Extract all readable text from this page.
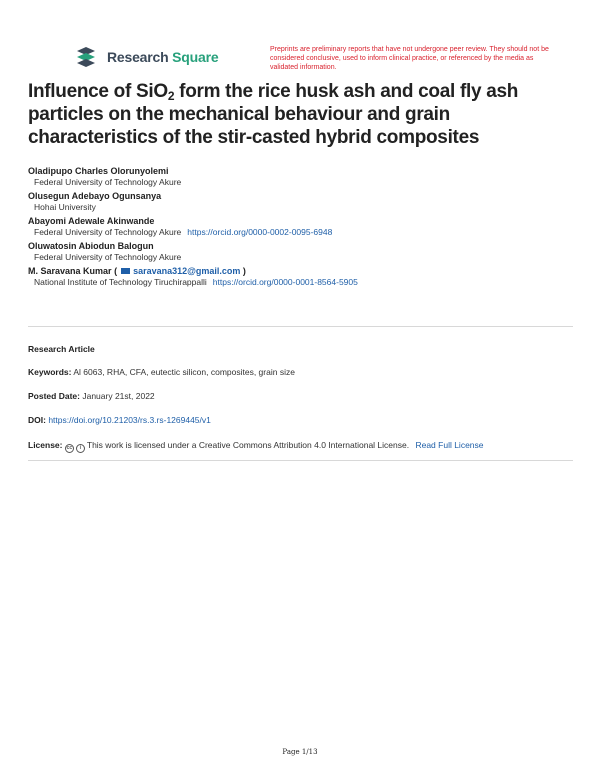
Research Square	Preprints are preliminary reports that have not undergone peer review. They should not be considered conclusive, used to inform clinical practice, or referenced by the media as validated information.
Influence of SiO$_2$ form the rice husk ash and coal fly ash particles on the mechanical behaviour and grain characteristics of the stir-casted hybrid composites
Oladipupo Charles Olorunyolemi
Federal University of Technology Akure
Olusegun Adebayo Ogunsanya
Hohai University
Abayomi Adewale Akinwande
Federal University of Technology Akure https://orcid.org/0000-0002-0095-6948
Oluwatosin Abiodun Balogun
Federal University of Technology Akure
M. Saravana Kumar ( saravana312@gmail.com )
National Institute of Technology Tiruchirappalli https://orcid.org/0000-0001-8564-5905
Research Article
Keywords: Al 6063, RHA, CFA, eutectic silicon, composites, grain size
Posted Date: January 21st, 2022
DOI: https://doi.org/10.21203/rs.3.rs-1269445/v1
License: cc i This work is licensed under a Creative Commons Attribution 4.0 International License. Read Full License
Page 1/13
